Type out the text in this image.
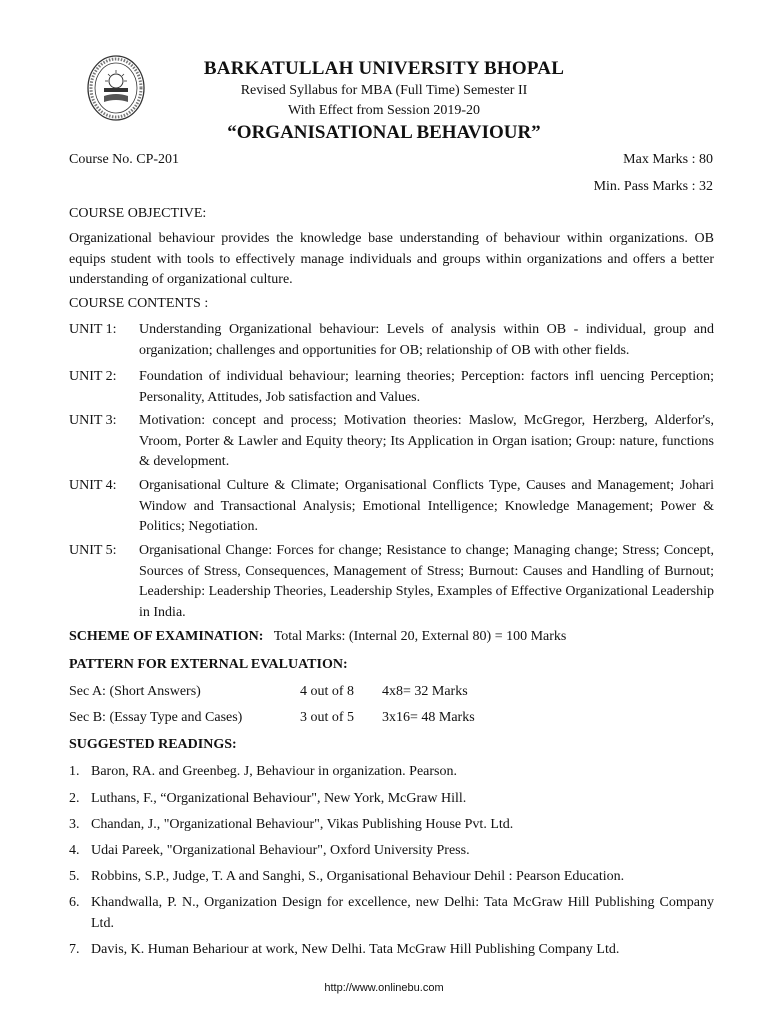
BARKATULLAH UNIVERSITY BHOPAL
Revised Syllabus for MBA (Full Time) Semester II
With Effect from Session 2019-20
“ORGANISATIONAL BEHAVIOUR”
Course No. CP-201	Max Marks : 80
Min. Pass Marks : 32
COURSE OBJECTIVE:
Organizational behaviour provides the knowledge base understanding of behaviour within organizations. OB equips student with tools to effectively manage individuals and groups within organizations and offers a better understanding of organizational culture.
COURSE CONTENTS :
UNIT 1:	Understanding Organizational behaviour: Levels of analysis within OB - individual, group and organization; challenges and opportunities for OB; relationship of OB with other fields.
UNIT 2:	Foundation of individual behaviour; learning theories; Perception: factors infl uencing Perception; Personality, Attitudes, Job satisfaction and Values.
UNIT 3:	Motivation: concept and process; Motivation theories: Maslow, McGregor, Herzberg, Alderfor's, Vroom, Porter & Lawler and Equity theory; Its Application in Organ isation; Group: nature, functions & development.
UNIT 4:	Organisational Culture & Climate; Organisational Conflicts Type, Causes and Management; Johari Window and Transactional Analysis; Emotional Intelligence; Knowledge Management; Power & Politics; Negotiation.
UNIT 5:	Organisational Change: Forces for change; Resistance to change; Managing change; Stress; Concept, Sources of Stress, Consequences, Management of Stress; Burnout: Causes and Handling of Burnout; Leadership: Leadership Theories, Leadership Styles, Examples of Effective Organizational Leadership in India.
SCHEME OF EXAMINATION: Total Marks: (Internal 20, External 80) = 100 Marks
PATTERN FOR EXTERNAL EVALUATION:
Sec A: (Short Answers)	4 out of 8 4x8= 32 Marks
Sec B: (Essay Type and Cases)	3 out of 5 3x16= 48 Marks
SUGGESTED READINGS:
1. Baron, RA. and Greenbeg. J, Behaviour in organization. Pearson.
2. Luthans, F., “Organizational Behaviour", New York, McGraw Hill.
3. Chandan, J., "Organizational Behaviour", Vikas Publishing House Pvt. Ltd.
4. Udai Pareek, "Organizational Behaviour", Oxford University Press.
5. Robbins, S.P., Judge, T. A and Sanghi, S., Organisational Behaviour Dehil : Pearson Education.
6. Khandwalla, P. N., Organization Design for excellence, new Delhi: Tata McGraw Hill Publishing Company Ltd.
7. Davis, K. Human Behariour at work, New Delhi. Tata McGraw Hill Publishing Company Ltd.
http://www.onlinebu.com
